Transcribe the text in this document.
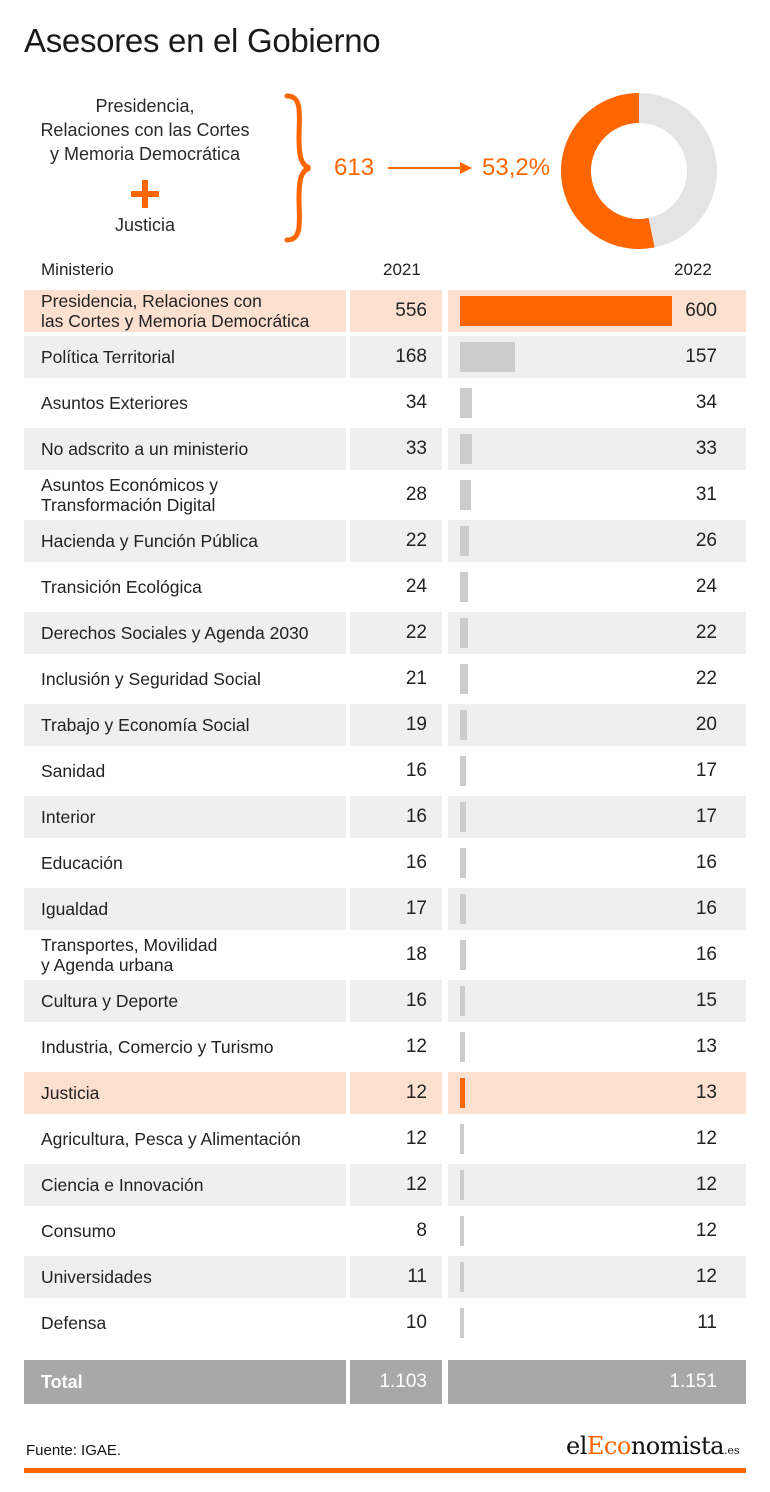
Asesores en el Gobierno
Presidencia,
Relaciones con las Cortes
y Memoria Democrática
Justicia
613	53,2%
Ministerio	2021	2022
Presidencia, Relaciones con
las Cortes y Memoria Democrática	556	600
Política Territorial	168	157
Asuntos Exteriores	34	34
No adscrito a un ministerio	33	33
Asuntos Económicos y
Transformación Digital	28	31
Hacienda y Función Pública	22	26
Transición Ecológica	24	24
Derechos Sociales y Agenda 2030	22	22
Inclusión y Seguridad Social	21	22
Trabajo y Economía Social	19	20
Sanidad	16	17
Interior	16	17
Educación	16	16
Igualdad	17	16
Transportes, Movilidad
y Agenda urbana	18	16
Cultura y Deporte	16	15
Industria, Comercio y Turismo	12	13
Justicia	12	13
Agricultura, Pesca y Alimentación	12	12
Ciencia e Innovación	12	12
Consumo	8	12
Universidades	11	12
Defensa	10	11
Total	1.103	1.151
Fuente: IGAE.	elEconomista.es
